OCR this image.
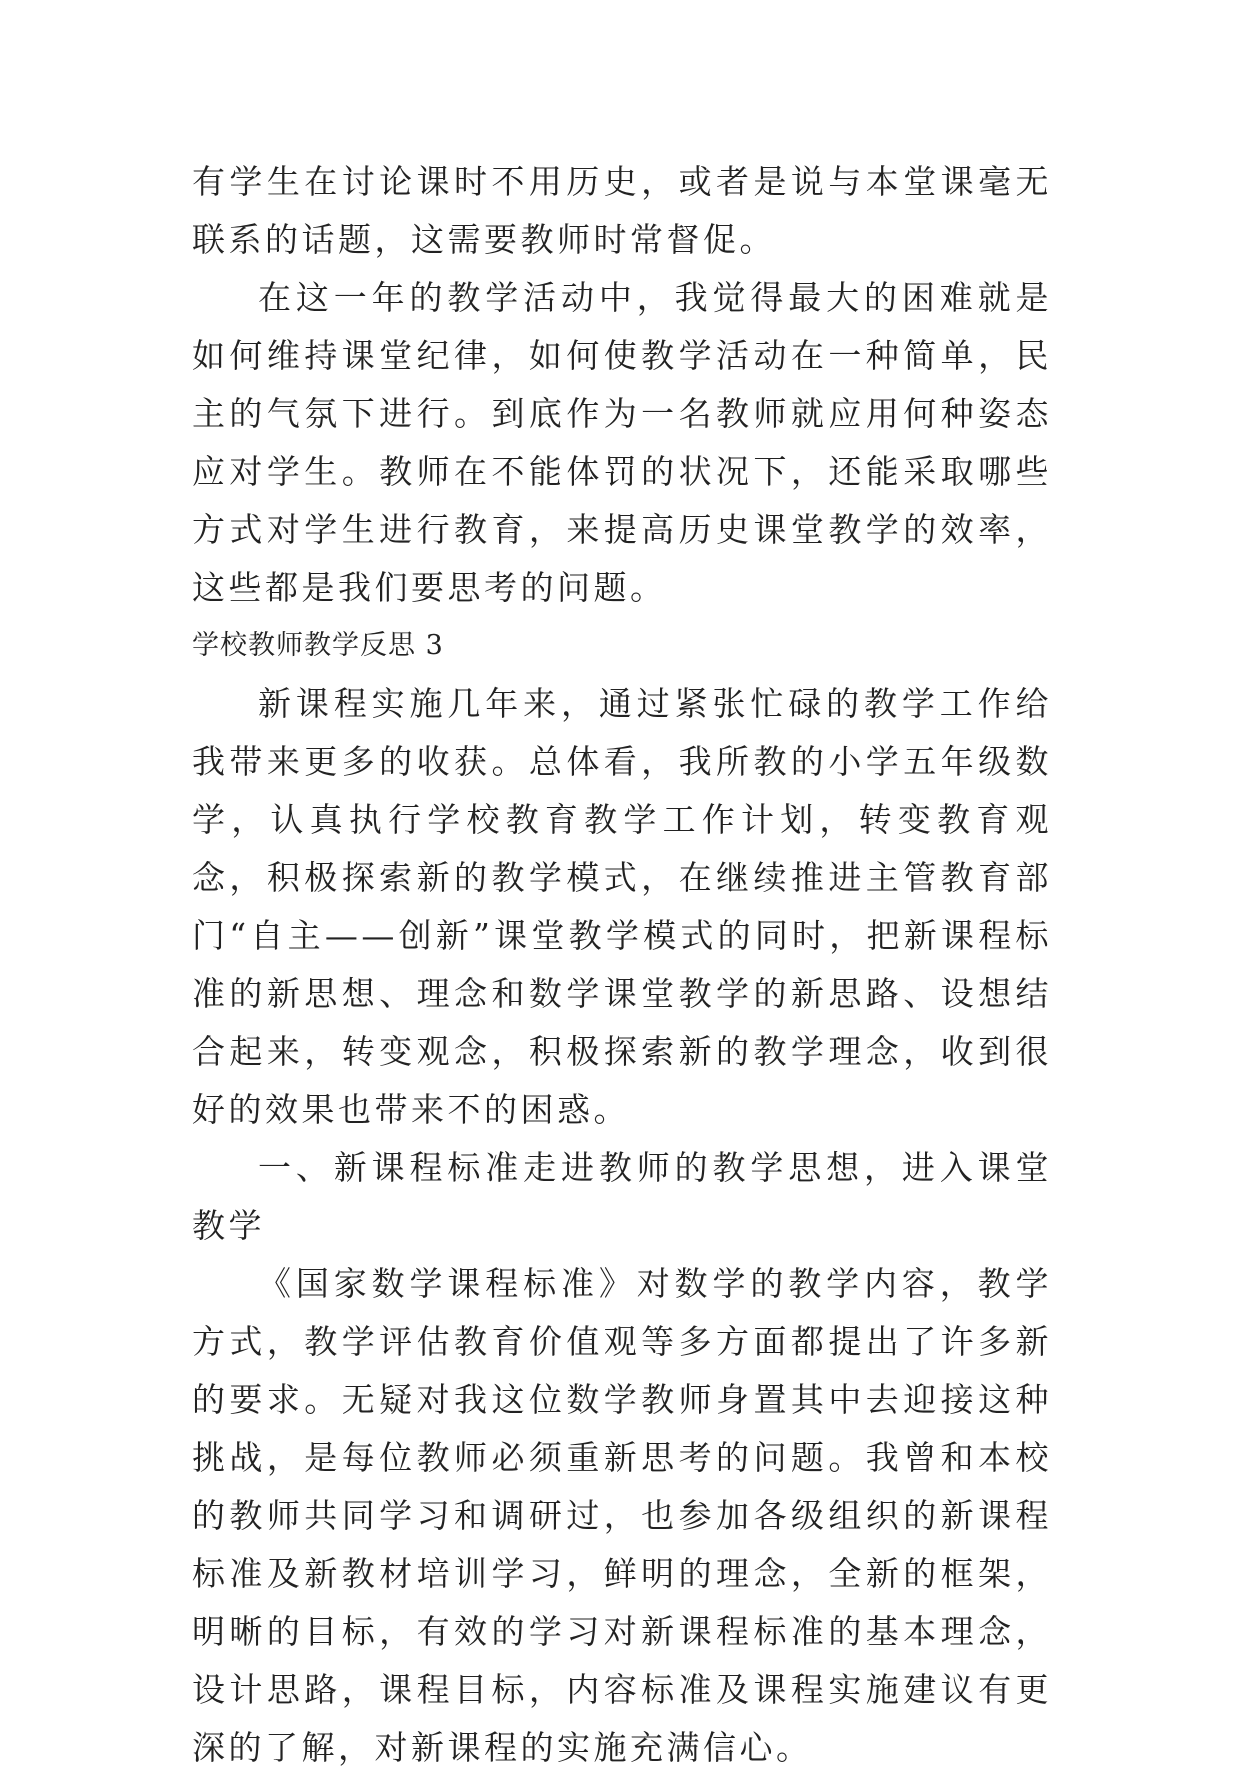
有学生在讨论课时不用历史，或者是说与本堂课毫无联系的话题，这需要教师时常督促。

在这一年的教学活动中，我觉得最大的困难就是如何维持课堂纪律，如何使教学活动在一种简单，民主的气氛下进行。到底作为一名教师就应用何种姿态应对学生。教师在不能体罚的状况下，还能采取哪些方式对学生进行教育，来提高历史课堂教学的效率，这些都是我们要思考的问题。

学校教师教学反思 3

新课程实施几年来，通过紧张忙碌的教学工作给我带来更多的收获。总体看，我所教的小学五年级数学，认真执行学校教育教学工作计划，转变教育观念，积极探索新的教学模式，在继续推进主管教育部门“自主——创新”课堂教学模式的同时，把新课程标准的新思想、理念和数学课堂教学的新思路、设想结合起来，转变观念，积极探索新的教学理念，收到很好的效果也带来不的困惑。

一、新课程标准走进教师的教学思想，进入课堂教学

《国家数学课程标准》对数学的教学内容，教学方式，教学评估教育价值观等多方面都提出了许多新的要求。无疑对我这位数学教师身置其中去迎接这种挑战，是每位教师必须重新思考的问题。我曾和本校的教师共同学习和调研过，也参加各级组织的新课程标准及新教材培训学习，鲜明的理念，全新的框架，明晰的目标，有效的学习对新课程标准的基本理念，设计思路，课程目标，内容标准及课程实施建议有更深的了解，对新课程的实施充满信心。
